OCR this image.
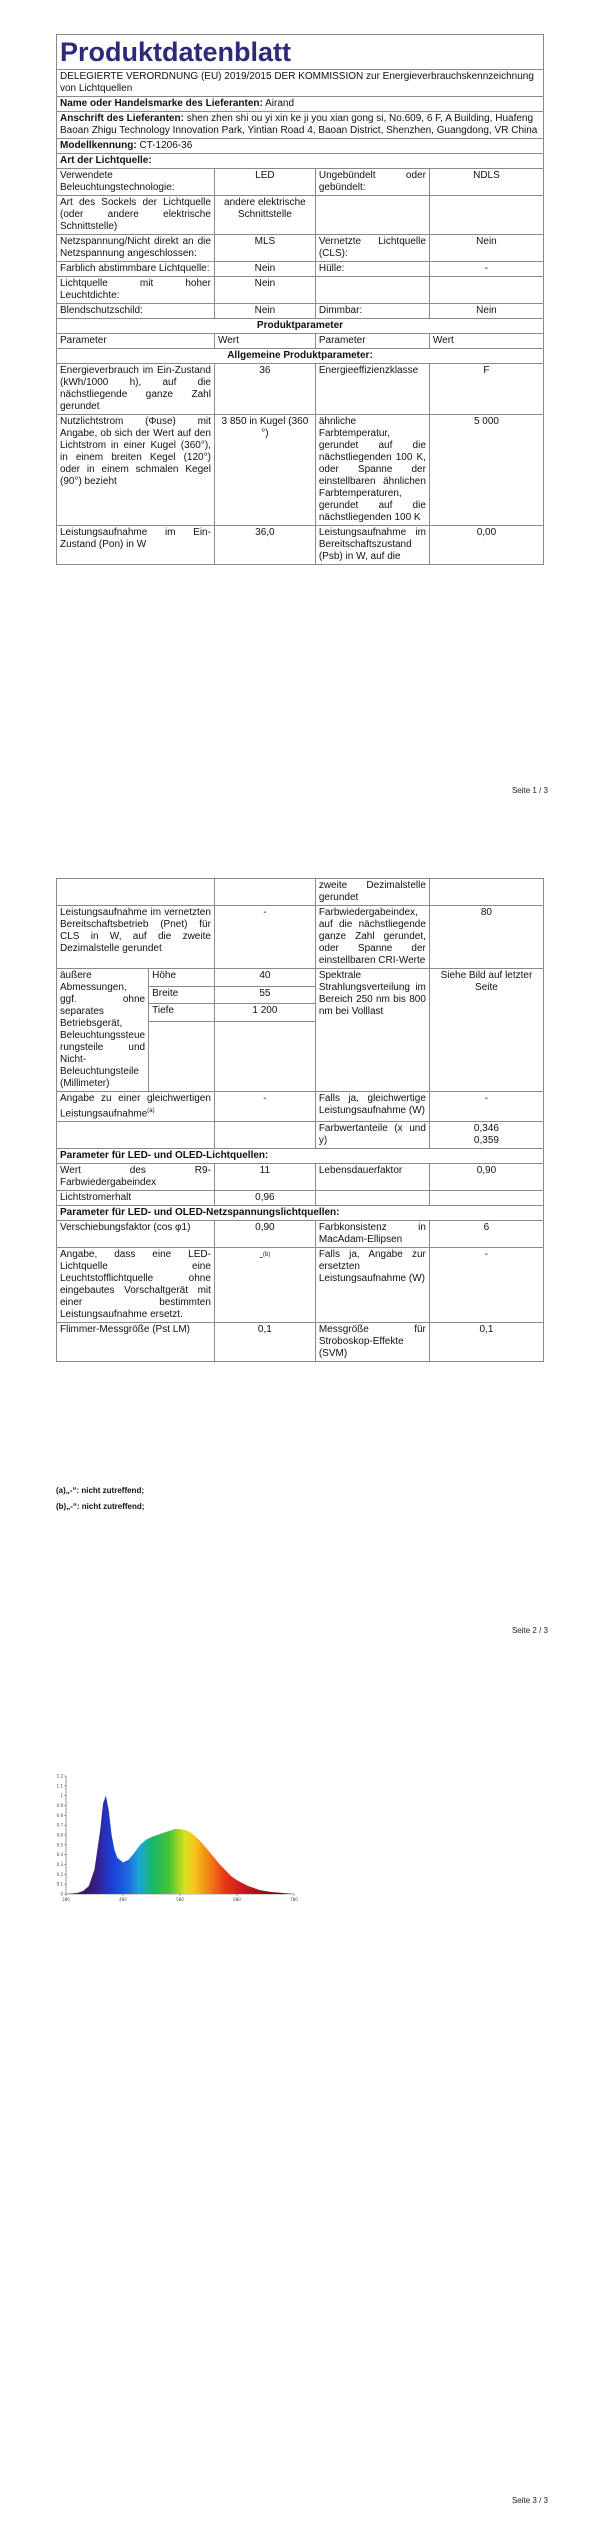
Produktdatenblatt			
DELEGIERTE VERORDNUNG (EU) 2019/2015 DER KOMMISSION zur Energieverbrauchskennzeichnung von Lichtquellen			
Name oder Handelsmarke des Lieferanten: Airand			
Anschrift des Lieferanten: shen zhen shi ou yi xin ke ji you xian gong si, No.609, 6 F, A Building, Huafeng Baoan Zhigu Technology Innovation Park, Yintian Road 4, Baoan District, Shenzhen, Guangdong, VR China			
Modellkennung: CT-1206-36			
Art der Lichtquelle:			
Verwendete Beleuchtungstechnologie:	LED	Ungebündelt oder gebündelt:	NDLS
Art des Sockels der Lichtquelle (oder andere elektrische Schnittstelle)	andere elektrische Schnittstelle		
Netzspannung/Nicht direkt an die Netzspannung angeschlossen:	MLS	Vernetzte Lichtquelle (CLS):	Nein
Farblich abstimmbare Lichtquelle:	Nein	Hülle:	-
Lichtquelle mit hoher Leuchtdichte:	Nein		
Blendschutzschild:	Nein	Dimmbar:	Nein
Produktparameter			
Parameter	Wert	Parameter	Wert
Allgemeine Produktparameter:			
Energieverbrauch im Ein-Zustand (kWh/1000 h), auf die nächstliegende ganze Zahl gerundet	36	Energieeffizienzklasse	F
Nutzlichtstrom (Φuse) mit Angabe, ob sich der Wert auf den Lichtstrom in einer Kugel (360°), in einem breiten Kegel (120°) oder in einem schmalen Kegel (90°) bezieht	3 850 in Kugel (360 °)	ähnliche Farbtemperatur, gerundet auf die nächstliegenden 100 K, oder Spanne der einstellbaren ähnlichen Farbtemperaturen, gerundet auf die nächstliegenden 100 K	5 000
Leistungsaufnahme im Ein-Zustand (Pon) in W	36,0	Leistungsaufnahme im Bereitschaftszustand (Psb) in W, auf die	0,00
Seite 1 / 3
			zweite Dezimalstelle gerundet	
Leistungsaufnahme im vernetzten Bereitschaftsbetrieb (Pnet) für CLS in W, auf die zweite Dezimalstelle gerundet		-	Farbwiedergabeindex, auf die nächstliegende ganze Zahl gerundet, oder Spanne der einstellbaren CRI-Werte	80
äußere Abmessungen, ggf. ohne separates Betriebsgerät, Beleuchtungssteuerungsteile und Nicht-Beleuchtungsteile (Millimeter)	Höhe	40	Spektrale Strahlungsverteilung im Bereich 250 nm bis 800 nm bei Volllast	Siehe Bild auf letzter Seite
	Breite	55		
	Tiefe	1 200		

Angabe zu einer gleichwertigen Leistungsaufnahme$^{(a)}$		-	Falls ja, gleichwertige Leistungsaufnahme (W)	-
			Farbwertanteile (x und y)	0,346
0,359

Parameter für LED- und OLED-Lichtquellen:				
Wert des R9-Farbwiedergabeindex		11	Lebensdauerfaktor	0,90
Lichtstromerhalt		0,96		
Parameter für LED- und OLED-Netzspannungslichtquellen:				
Verschiebungsfaktor (cos φ1)		0,90	Farbkonsistenz in MacAdam-Ellipsen	6
Angabe, dass eine LED-Lichtquelle eine Leuchtstofflichtquelle ohne eingebautes Vorschaltgerät mit einer bestimmten Leistungsaufnahme ersetzt.		-$^{(b)}$	Falls ja, Angabe zur ersetzten Leistungsaufnahme (W)	-
Flimmer-Messgröße (Pst LM)		0,1	Messgröße für Stroboskop-Effekte (SVM)	0,1
(a)„-“: nicht zutreffend;
(b)„-“: nicht zutreffend;
Seite 2 / 3
0
0.1
0.2
0.3
0.4
0.5
0.6
0.7
0.8
0.9
1
1.1
1.2
380	480	580	680	780
Seite 3 / 3
